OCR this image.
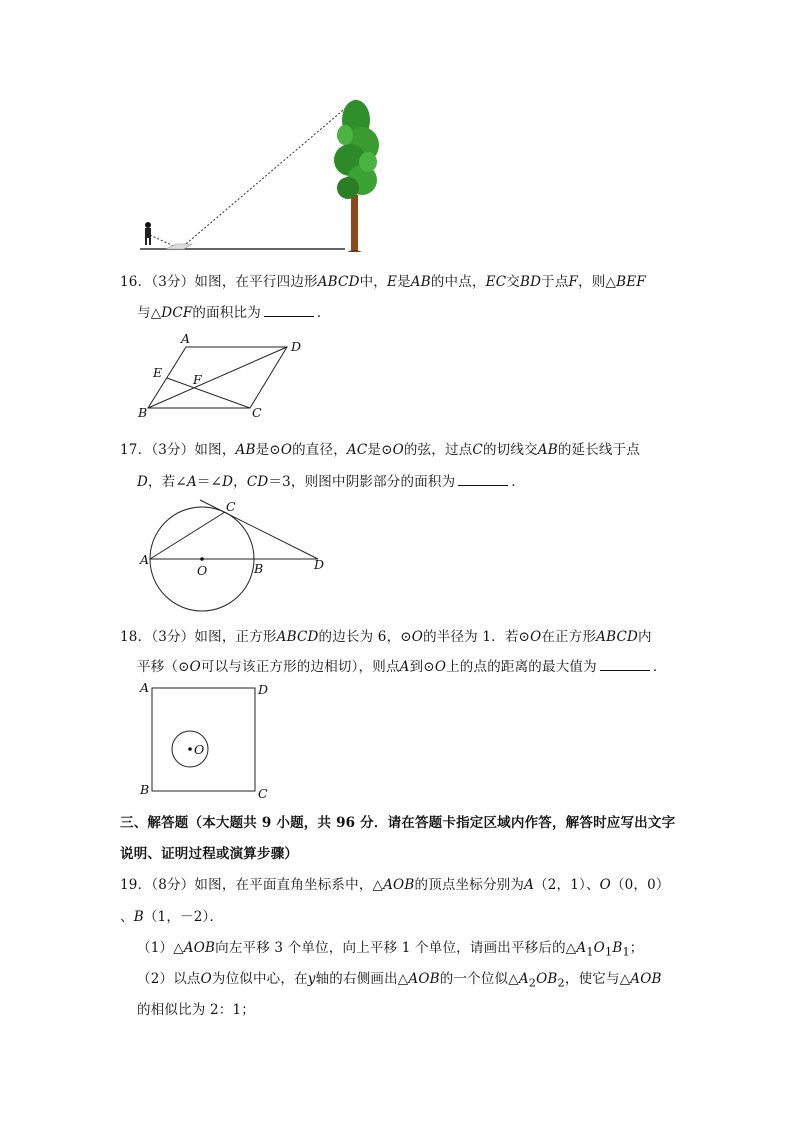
16．（3分）如图，在平行四边形ABCD中，E是AB的中点，EC交BD于点F，则△BEF
与△DCF的面积比为	．
A
D
E F
B	C
17．（3分）如图，AB是⊙O的直径，AC是⊙O的弦，过点C的切线交AB的延长线于点
D，若∠A＝∠D，CD＝3，则图中阴影部分的面积为	．
C
A
O	B	D
18．（3分）如图，正方形ABCD的边长为 6，⊙O的半径为 1．若⊙O在正方形ABCD内
平移（⊙O可以与该正方形的边相切），则点A到⊙O上的点的距离的最大值为	．
A	D
O
B	C
三、解答题（本大题共 9 小题，共 96 分．请在答题卡指定区域内作答，解答时应写出文字
说明、证明过程或演算步骤）
19．（8分）如图，在平面直角坐标系中，△AOB的顶点坐标分别为A（2，1）、O（0，0）
、B（1，－2）．
（1）△AOB向左平移 3 个单位，向上平移 1 个单位，请画出平移后的$\triangle A_1O_1B_1$；
（2）以点O为位似中心，在y轴的右侧画出△AOB的一个位似$\triangle A_2OB_2$，使它与△AOB
的相似比为 2：1；
